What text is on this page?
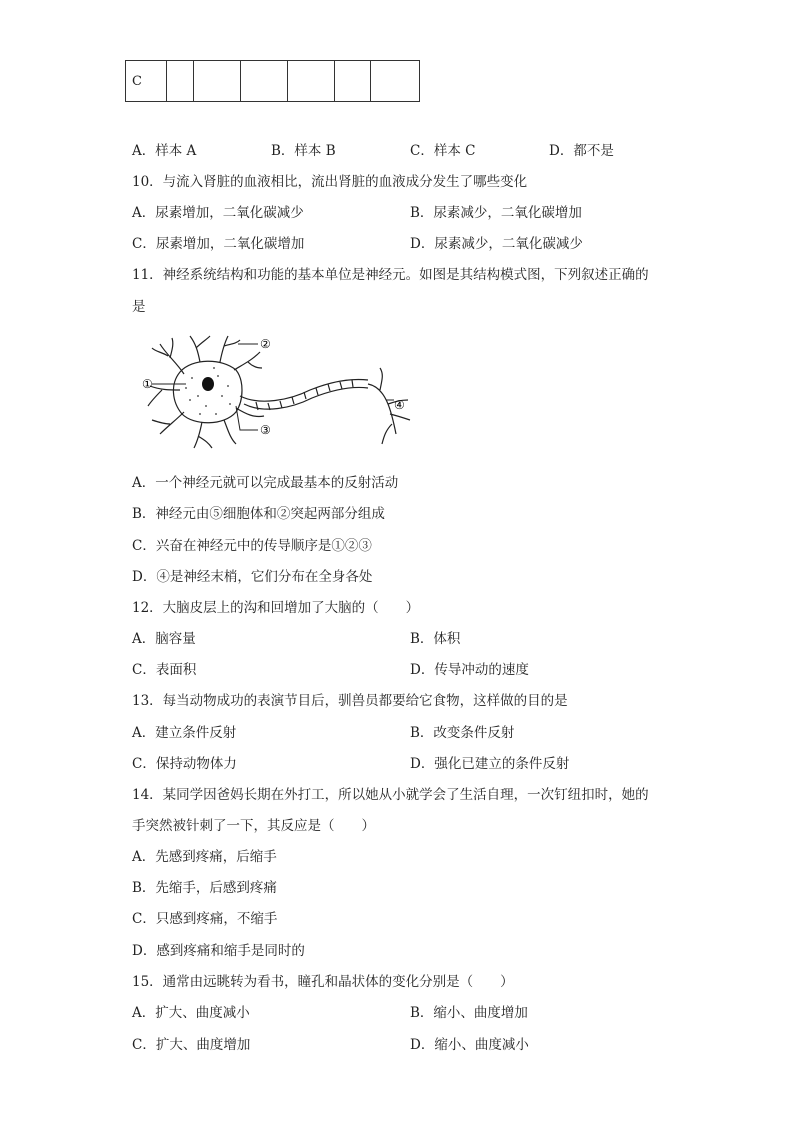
C						
A．样本 A	B．样本 B	C．样本 C	D．都不是
10．与流入肾脏的血液相比，流出肾脏的血液成分发生了哪些变化
A．尿素增加，二氧化碳减少	B．尿素减少，二氧化碳增加
C．尿素增加，二氧化碳增加	D．尿素减少，二氧化碳减少
11．神经系统结构和功能的基本单位是神经元。如图是其结构模式图，下列叙述正确的
是
①
②
③
④
A．一个神经元就可以完成最基本的反射活动
B．神经元由⑤细胞体和②突起两部分组成
C．兴奋在神经元中的传导顺序是①②③
D．④是神经末梢，它们分布在全身各处
12．大脑皮层上的沟和回增加了大脑的（　　）
A．脑容量	B．体积
C．表面积	D．传导冲动的速度
13．每当动物成功的表演节目后，驯兽员都要给它食物，这样做的目的是
A．建立条件反射	B．改变条件反射
C．保持动物体力	D．强化已建立的条件反射
14．某同学因爸妈长期在外打工，所以她从小就学会了生活自理，一次钉纽扣时，她的
手突然被针刺了一下，其反应是（　　）
A．先感到疼痛，后缩手
B．先缩手，后感到疼痛
C．只感到疼痛，不缩手
D．感到疼痛和缩手是同时的
15．通常由远眺转为看书，瞳孔和晶状体的变化分别是（　　）
A．扩大、曲度减小	B．缩小、曲度增加
C．扩大、曲度增加	D．缩小、曲度减小
